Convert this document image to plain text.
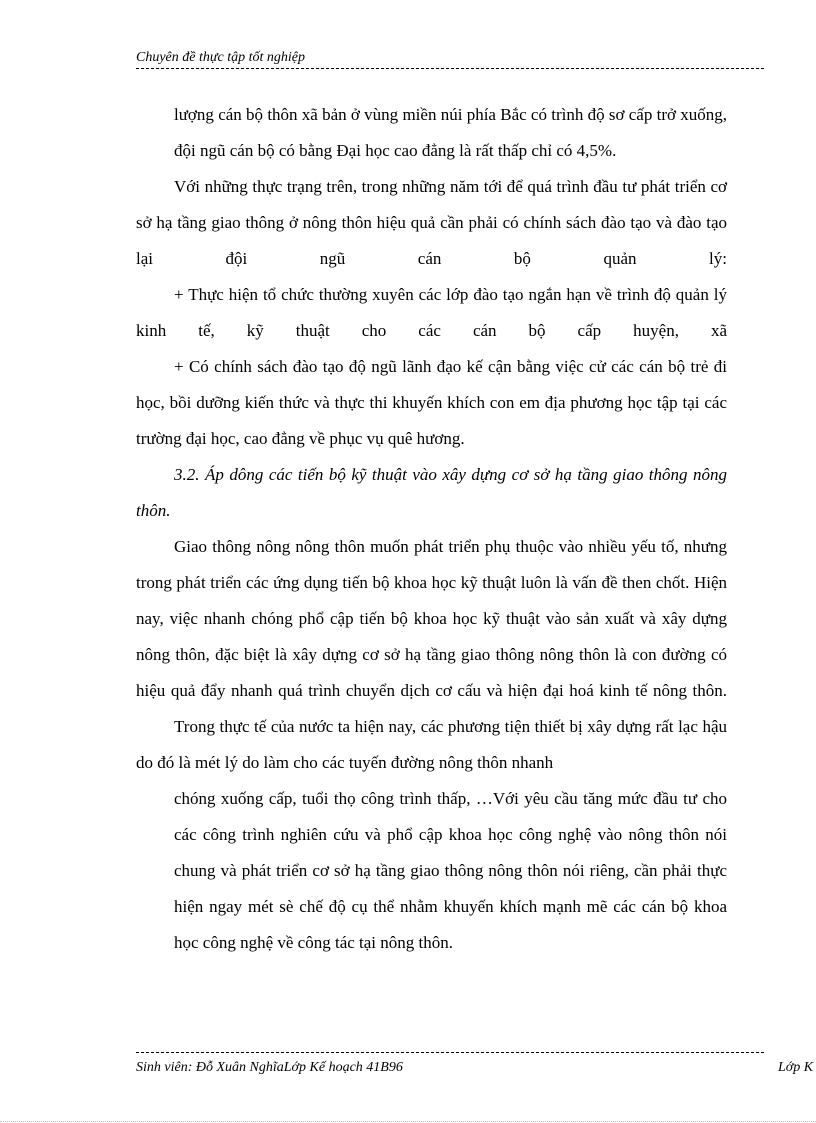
Chuyên đề thực tập tốt nghiệp

lượng cán bộ thôn xã bản ở vùng miền núi phía Bắc có trình độ sơ cấp trở xuống, đội ngũ cán bộ có bằng Đại học cao đẳng là rất thấp chỉ có 4,5%.

Với những thực trạng trên, trong những năm tới để quá trình đầu tư phát triển cơ sở hạ tầng giao thông ở nông thôn hiệu quả cần phải có chính sách đào tạo và đào tạo lại đội ngũ cán bộ quản lý:

+ Thực hiện tổ chức thường xuyên các lớp đào tạo ngắn hạn về trình độ quản lý kinh tế, kỹ thuật cho các cán bộ cấp huyện, xã

+ Có chính sách đào tạo độ ngũ lãnh đạo kế cận bằng việc cử các cán bộ trẻ đi học, bồi dưỡng kiến thức và thực thi khuyến khích con em địa phương học tập tại các trường đại học, cao đẳng về phục vụ quê hương.

3.2. Áp dông các tiến bộ kỹ thuật vào xây dựng cơ sở hạ tầng giao thông nông thôn.

Giao thông nông nông thôn muốn phát triển phụ thuộc vào nhiều yếu tố, nhưng trong phát triển các ứng dụng tiến bộ khoa học kỹ thuật luôn là vấn đề then chốt. Hiện nay, việc nhanh chóng phổ cập tiến bộ khoa học kỹ thuật vào sản xuất và xây dựng nông thôn, đặc biệt là xây dựng cơ sở hạ tầng giao thông nông thôn là con đường có hiệu quả đẩy nhanh quá trình chuyển dịch cơ cấu và hiện đại hoá kinh tế nông thôn.

Trong thực tế của nước ta hiện nay, các phương tiện thiết bị xây dựng rất lạc hậu do đó là mét lý do làm cho các tuyến đường nông thôn nhanh

chóng xuống cấp, tuổi thọ công trình thấp, …Với yêu cầu tăng mức đầu tư cho các công trình nghiên cứu và phổ cập khoa học công nghệ vào nông thôn nói chung và phát triển cơ sở hạ tầng giao thông nông thôn nói riêng, cần phải thực hiện ngay mét sè chế độ cụ thể nhằm khuyến khích mạnh mẽ các cán bộ khoa học công nghệ về công tác tại nông thôn.

Sinh viên: Đỗ Xuân NghĩaLớp Kế hoạch 41B96	Lớp K
